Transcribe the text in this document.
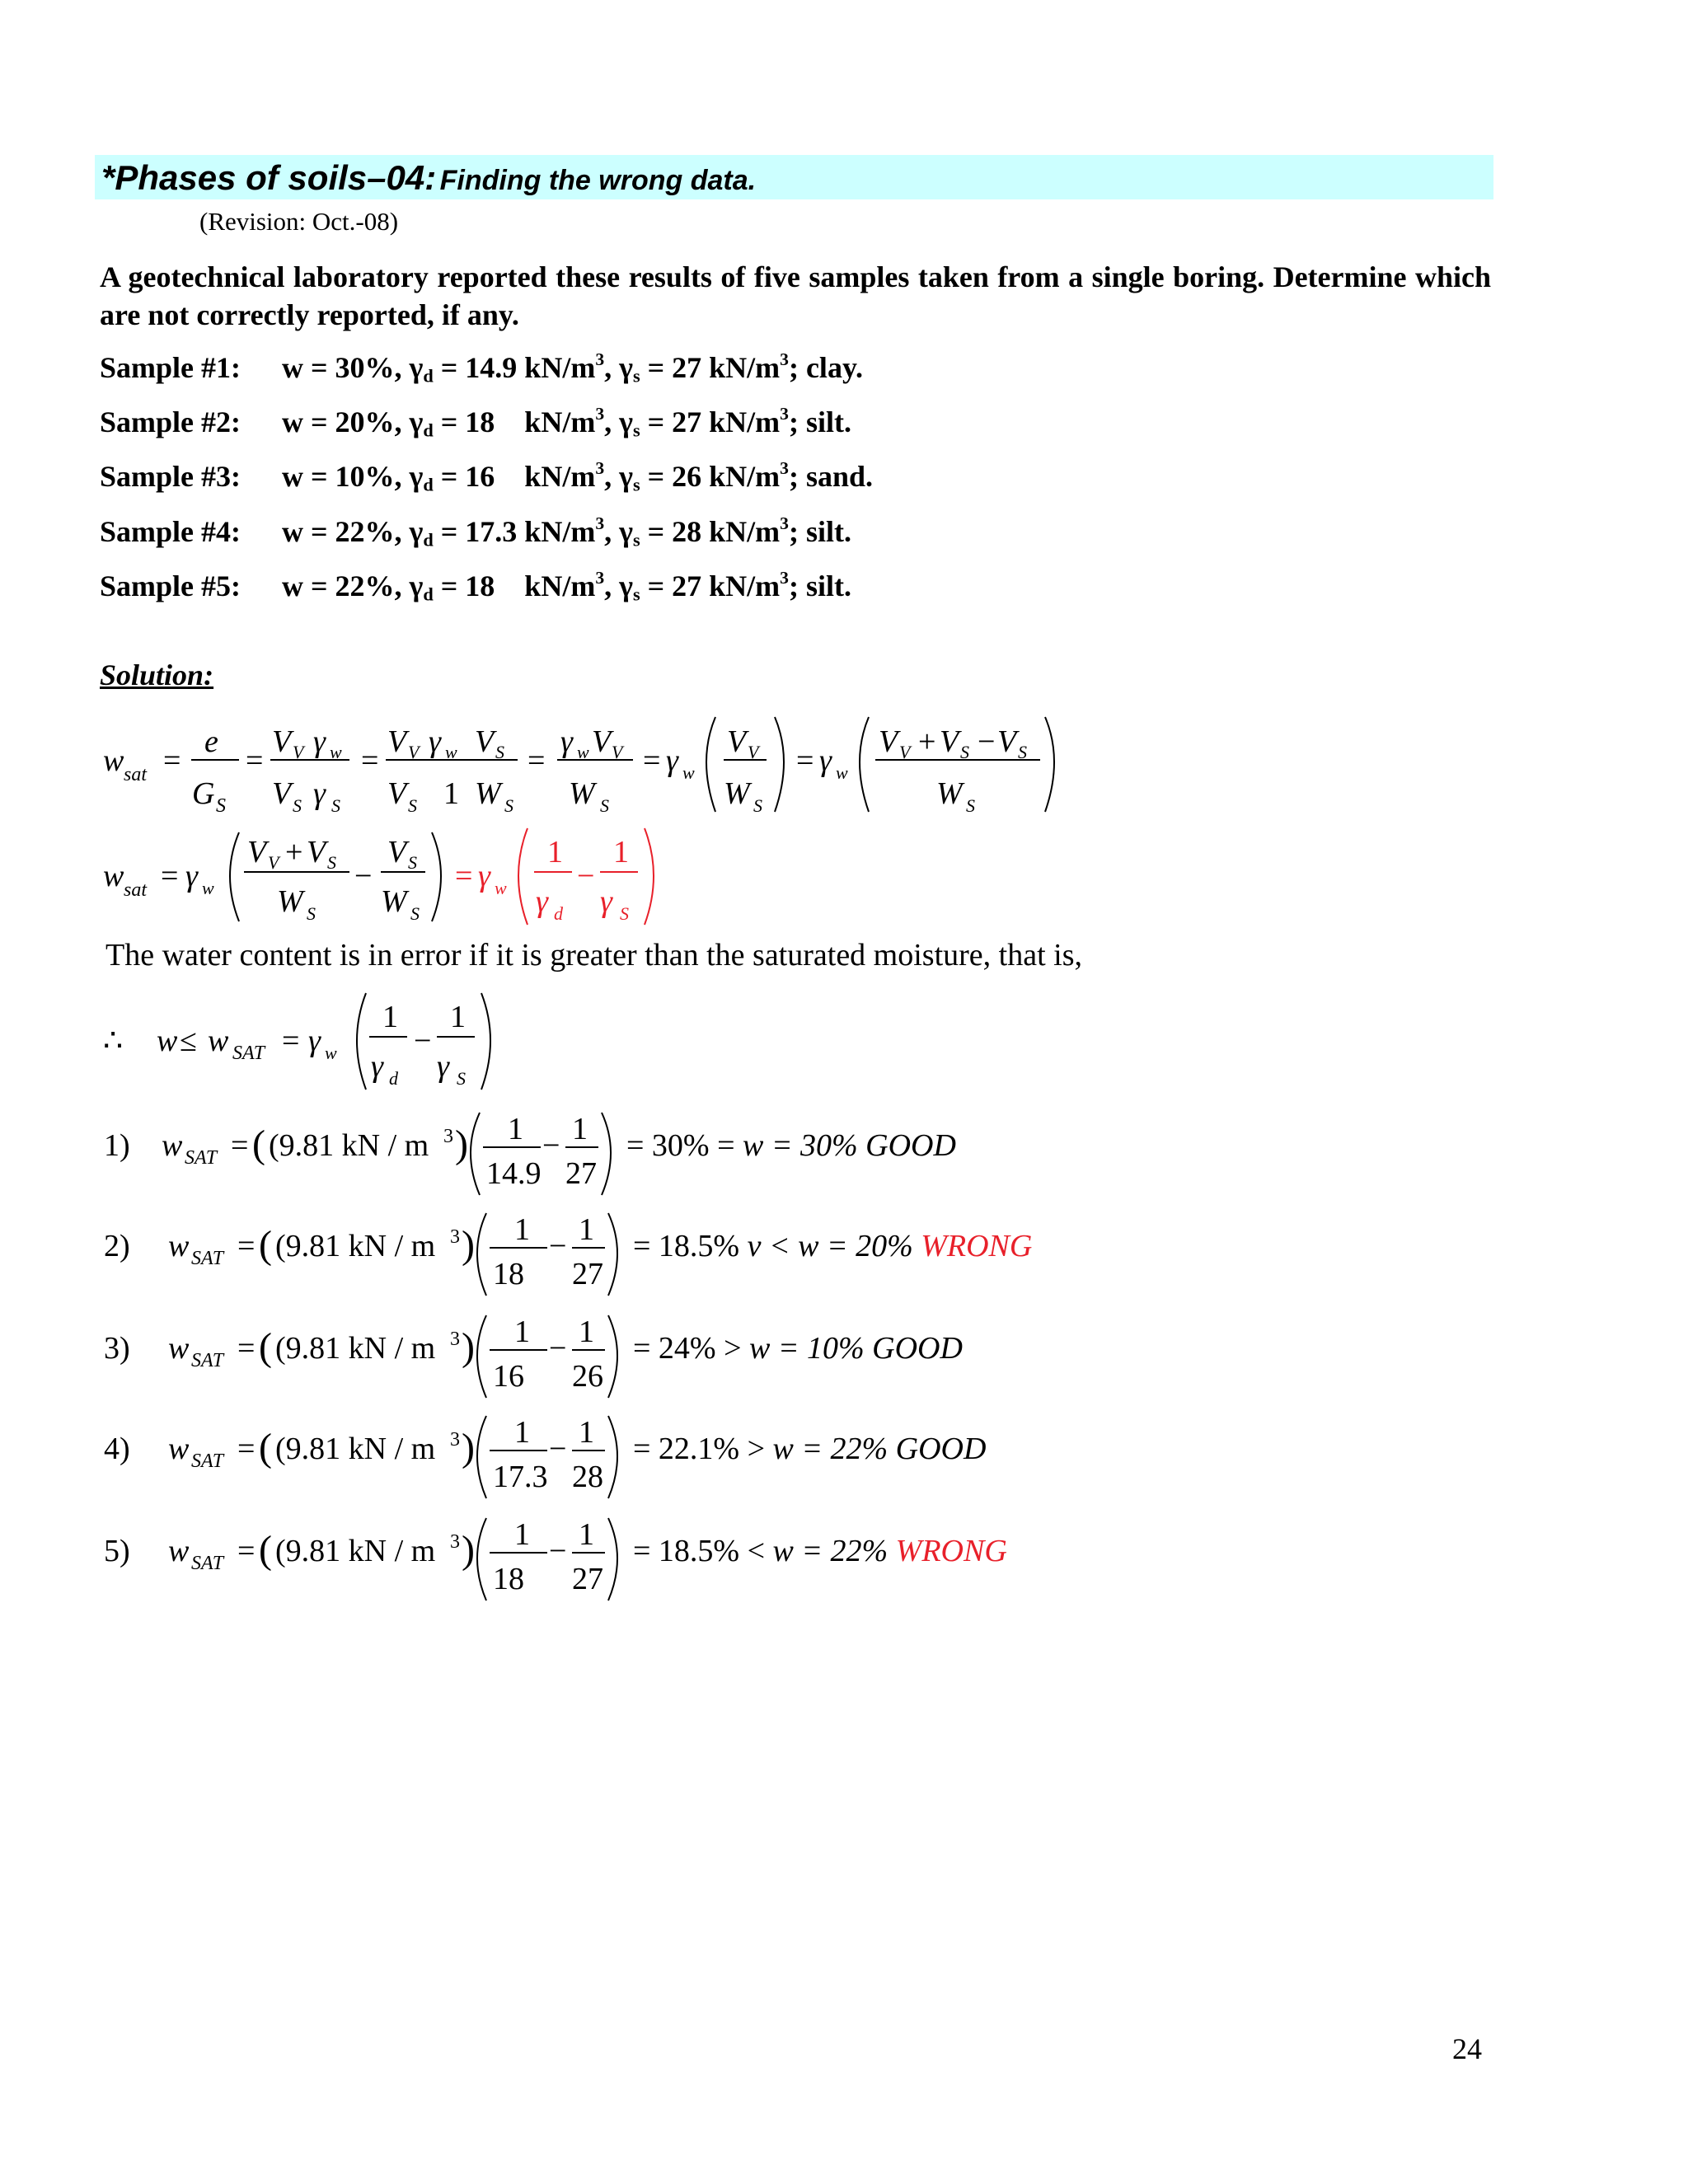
*Phases of soils–04: Finding the wrong data.
(Revision: Oct.-08)
A geotechnical laboratory reported these results of five samples taken from a single boring. Determine which are not correctly reported, if any.
Sample #1: w = 30%, $\gamma_d = 14.9$ $kN/m^3$, $\gamma_s = 27$ $kN/m^3$; clay.
Sample #2: w = 20%, $\gamma_d = 18$    $kN/m^3$, $\gamma_s = 27$ $kN/m^3$; silt.
Sample #3: w = 10%, $\gamma_d = 16$    $kN/m^3$, $\gamma_s = 26$ $kN/m^3$; sand.
Sample #4: w = 22%, $\gamma_d = 17.3$ $kN/m^3$, $\gamma_s = 28$ $kN/m^3$; silt.
Sample #5: w = 22%, $\gamma_d = 18$    $kN/m^3$, $\gamma_s = 27$ $kN/m^3$; silt.
Solution:
w sat =
e
G S
=
V V γ w
V S γ S
=
V V γ w V S
V S 1 W S
=
γ w V V
W S
= γ w
V V
W S
= γ w
V V + V S − V S
W S
w sat = γ w
V V + V S
W S
−
V S
W S
= γ w
1
γ d
−
1
γ S
∴ w ≤ w SAT = γ w
1
γ d
−
1
γ S
The water content is in error if it is greater than the saturated moisture, that is,
1) w SAT = ( (9.81 kN / m 3 ) 1
14.9
− 1
27
= 30% = w = 30% GOOD
2) w SAT = ( (9.81 kN / m 3 ) 1
18
− 1
27
= 18.5% v < w = 20% WRONG
3) w SAT = ( (9.81 kN / m 3 ) 1
16
− 1
26
= 24% > w = 10% GOOD
4) w SAT = ( (9.81 kN / m 3 ) 1
17.3
− 1
28
= 22.1% > w = 22% GOOD
5) w SAT = ( (9.81 kN / m 3 ) 1
18
− 1
27
= 18.5% < w = 22% WRONG
24
